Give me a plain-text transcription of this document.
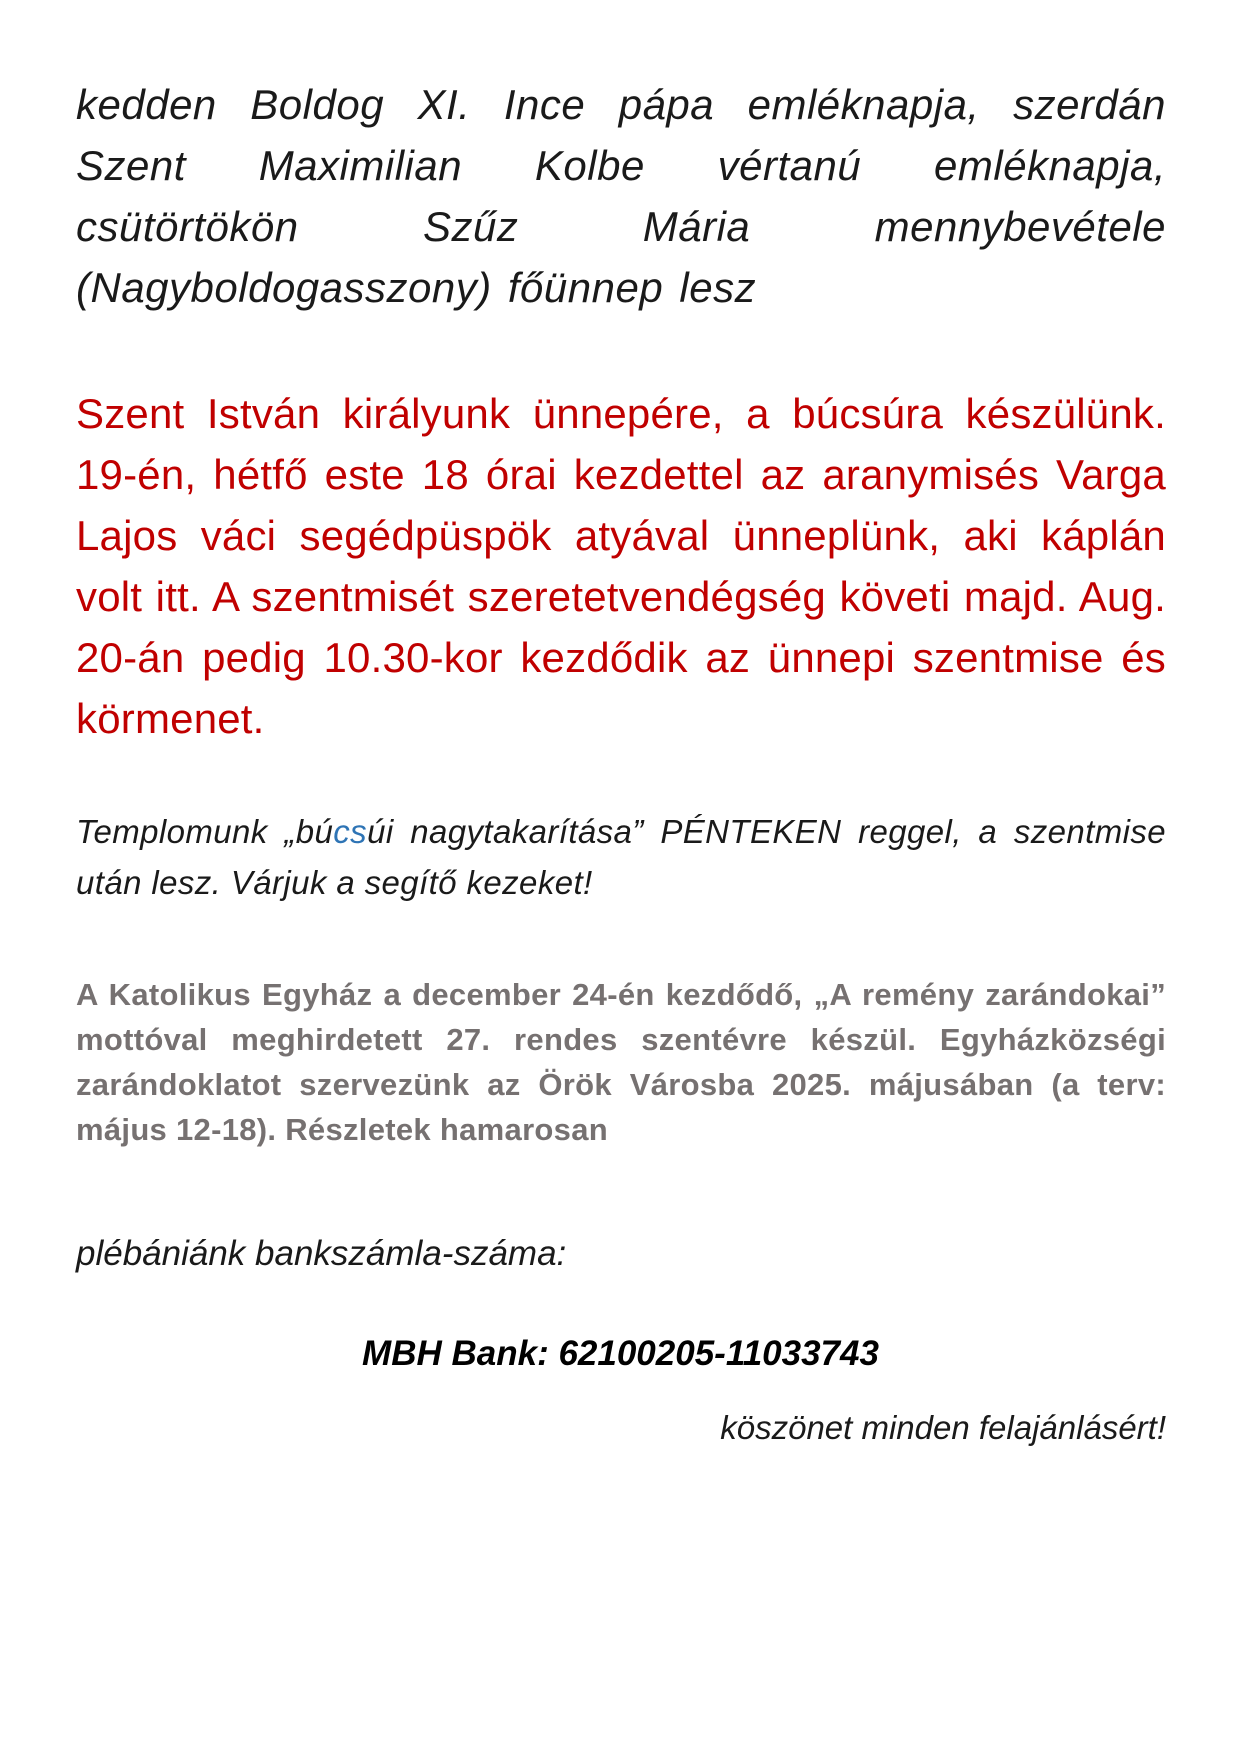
kedden Boldog XI. Ince pápa emléknapja, szerdán Szent Maximilian Kolbe vértanú emléknapja, csütörtökön Szűz Mária mennybevétele (Nagyboldogasszony) főünnep lesz

Szent István királyunk ünnepére, a búcsúra készülünk. 19-én, hétfő este 18 órai kezdettel az aranymisés Varga Lajos váci segédpüspök atyával ünneplünk, aki káplán volt itt. A szentmisét szeretetvendégség követi majd. Aug. 20-án pedig 10.30-kor kezdődik az ünnepi szentmise és körmenet.

Templomunk „búcsúi nagytakarítása” PÉNTEKEN reggel, a szentmise után lesz. Várjuk a segítő kezeket!

A Katolikus Egyház a december 24-én kezdődő, „A remény zarándokai” mottóval meghirdetett 27. rendes szentévre készül. Egyházközségi zarándoklatot szervezünk az Örök Városba 2025. májusában (a terv: május 12-18). Részletek hamarosan

plébániánk bankszámla-száma:

MBH Bank: 62100205-11033743

köszönet minden felajánlásért!
